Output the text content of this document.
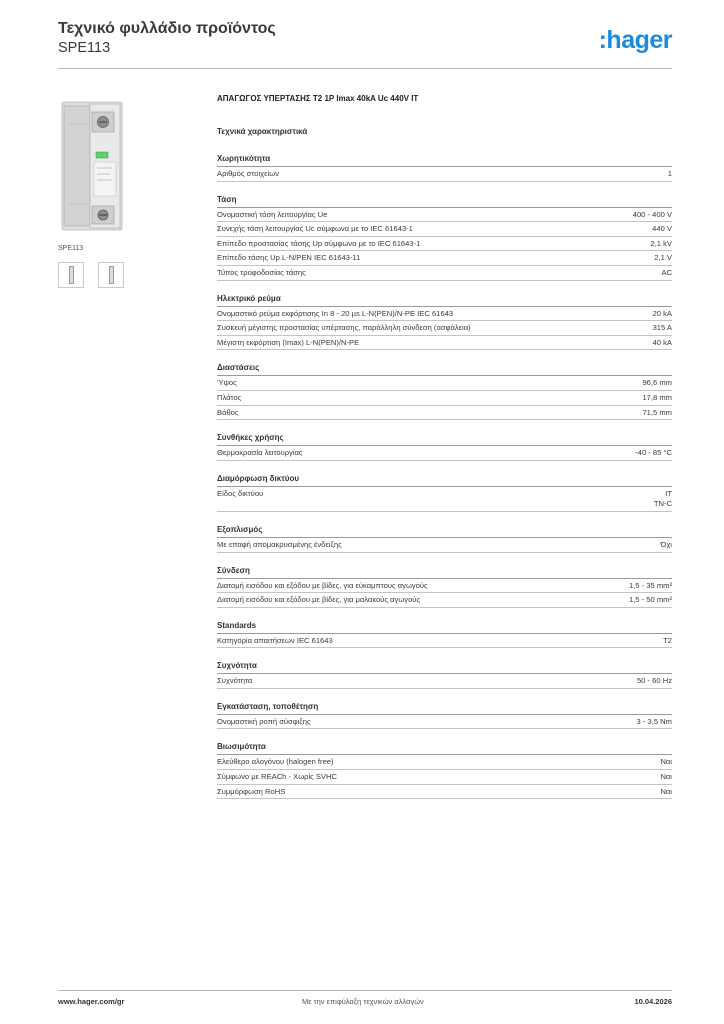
Τεχνικό φυλλάδιο προϊόντος
SPE113	:hager
SPE113
ΑΠΑΓΩΓΟΣ ΥΠΕΡΤΑΣΗΣ T2 1P Imax 40kA Uc 440V IT
Τεχνικά χαρακτηριστικά
Χωρητικότητα
Αριθμός στοιχείων	1
Τάση
Ονομαστική τάση λειτουργίας Ue	400 - 400 V
Συνεχής τάση λειτουργίας Uc σύμφωνα με το IEC 61643-1	440 V
Επίπεδο προστασίας τάσης Up σύμφωνα με το IEC 61643-1	2,1 kV
Επίπεδο τάσης Up L-N/PEN IEC 61643-11	2,1 V
Τύπος τροφοδοσίας τάσης	AC
Ηλεκτρικό ρεύμα
Ονομαστικό ρεύμα εκφόρτισης In 8 - 20 µs L-N(PEN)/N-PE IEC 61643	20 kA
Συσκευή μέγιστης προστασίας υπέρτασης, παράλληλη σύνδεση (ασφάλεια)	315 A
Μέγιστη εκφόρτιση (Imax) L-N(PEN)/N-PE	40 kA
Διαστάσεις
Ύψος	96,6 mm
Πλάτος	17,8 mm
Βάθος	71,5 mm
Συνθήκες χρήσης
Θερμοκρασία λειτουργίας	-40 - 85 °C
Διαμόρφωση δικτύου
Είδος δικτύου	IT
TN-C
Εξοπλισμός
Με επαφή απομακρυσμένης ένδειξης	Όχι
Σύνδεση
Διατομή εισόδου και εξόδου με βίδες, για εύκαμπτους αγωγούς	1,5 - 35 mm²
Διατομή εισόδου και εξόδου με βίδες, για μαλακούς αγωγούς	1,5 - 50 mm²
Standards
Κατηγορία απαιτήσεων IEC 61643	T2
Συχνότητα
Συχνότητα	50 - 60 Hz
Εγκατάσταση, τοποθέτηση
Ονομαστική ροπή σύσφιξης	3 - 3,5 Nm
Βιωσιμότητα
Ελεύθερο αλογόνου (halogen free)	Ναι
Σύμφωνο με REACh - Χωρίς SVHC	Ναι
Συμμόρφωση RoHS	Ναι
www.hager.com/gr	Με την επιφύλαξη τεχνικών αλλαγών	10.04.2026
